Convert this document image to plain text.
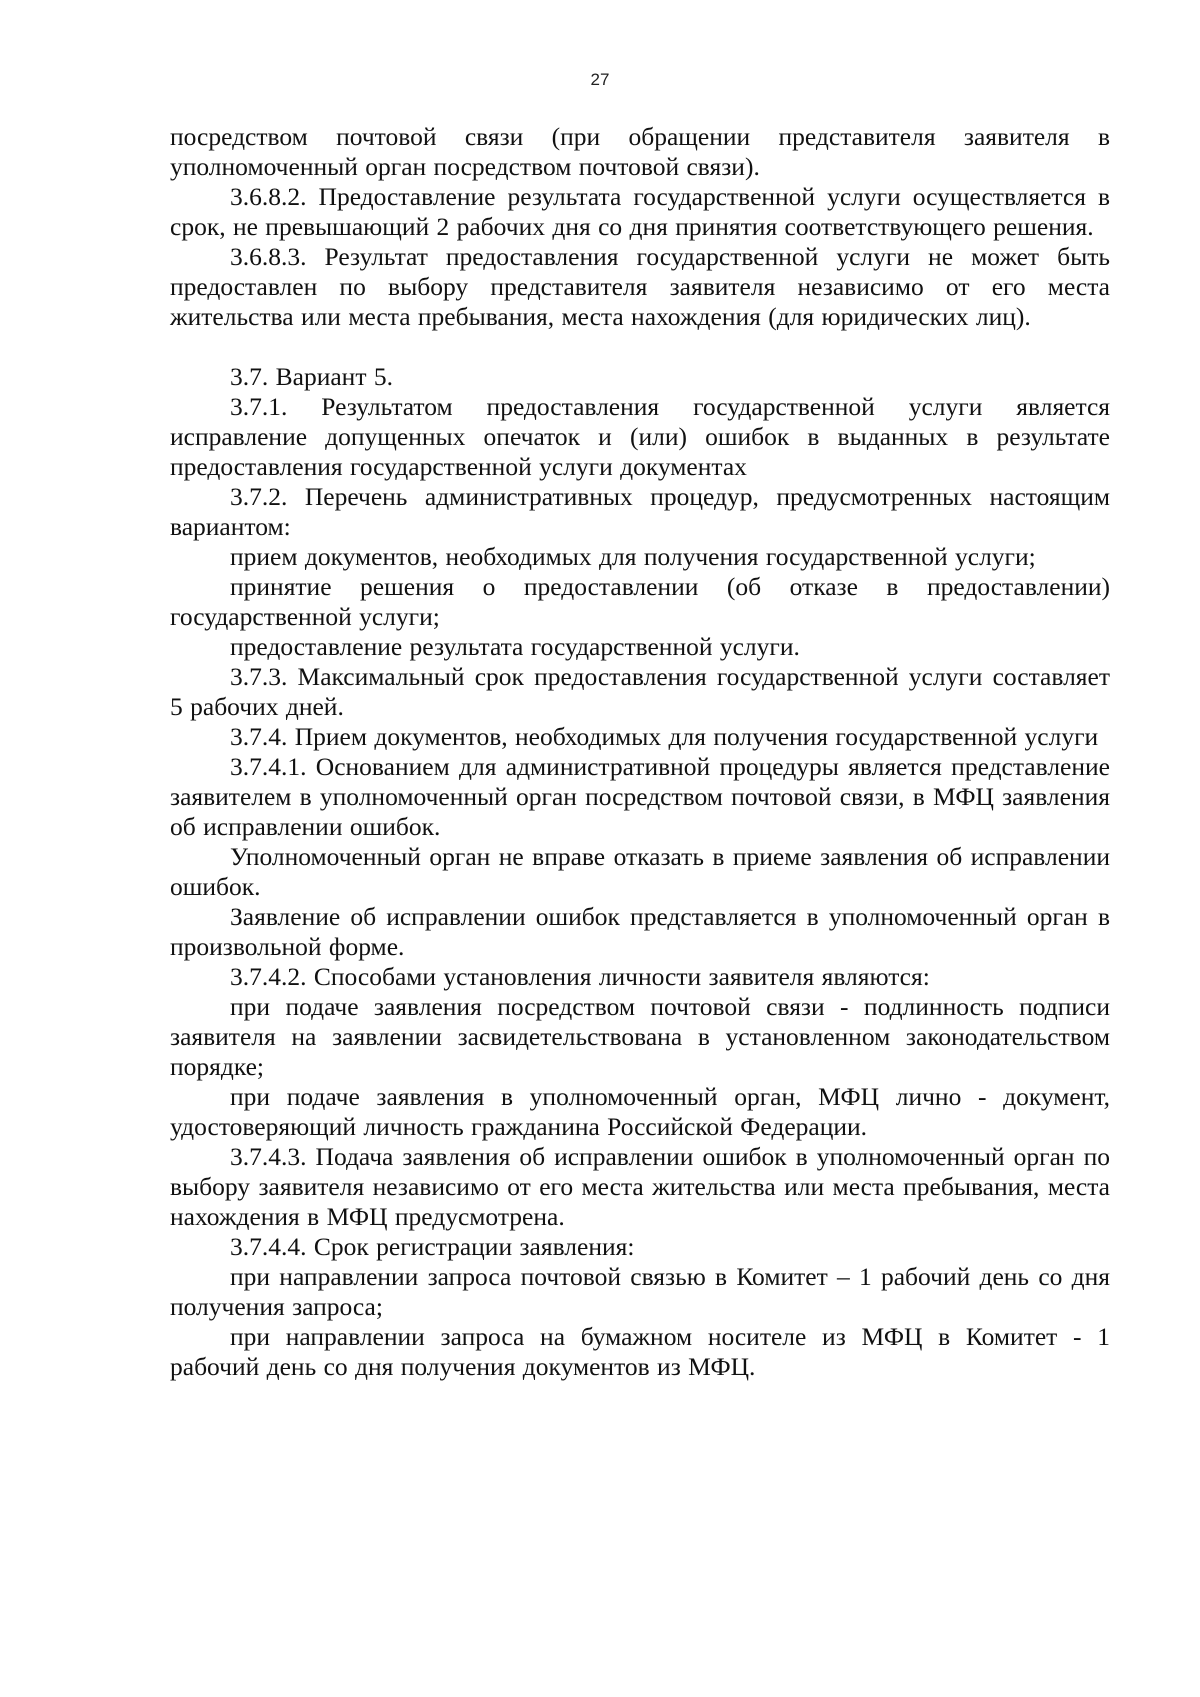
27

посредством почтовой связи (при обращении представителя заявителя в уполномоченный орган посредством почтовой связи).

3.6.8.2. Предоставление результата государственной услуги осуществляется в срок, не превышающий 2 рабочих дня со дня принятия соответствующего решения.

3.6.8.3. Результат предоставления государственной услуги не может быть предоставлен по выбору представителя заявителя независимо от его места жительства или места пребывания, места нахождения (для юридических лиц).

3.7. Вариант 5.

3.7.1. Результатом предоставления государственной услуги является исправление допущенных опечаток и (или) ошибок в выданных в результате предоставления государственной услуги документах

3.7.2. Перечень административных процедур, предусмотренных настоящим вариантом:

прием документов, необходимых для получения государственной услуги;

принятие решения о предоставлении (об отказе в предоставлении) государственной услуги;

предоставление результата государственной услуги.

3.7.3. Максимальный срок предоставления государственной услуги составляет 5 рабочих дней.

3.7.4. Прием документов, необходимых для получения государственной услуги

3.7.4.1. Основанием для административной процедуры является представление заявителем в уполномоченный орган посредством почтовой связи, в МФЦ заявления об исправлении ошибок.

Уполномоченный орган не вправе отказать в приеме заявления об исправлении ошибок.

Заявление об исправлении ошибок представляется в уполномоченный орган в произвольной форме.

3.7.4.2. Способами установления личности заявителя являются:

при подаче заявления посредством почтовой связи - подлинность подписи заявителя на заявлении засвидетельствована в установленном законодательством порядке;

при подаче заявления в уполномоченный орган, МФЦ лично - документ, удостоверяющий личность гражданина Российской Федерации.

3.7.4.3. Подача заявления об исправлении ошибок в уполномоченный орган по выбору заявителя независимо от его места жительства или места пребывания, места нахождения в МФЦ предусмотрена.

3.7.4.4. Срок регистрации заявления:

при направлении запроса почтовой связью в Комитет – 1 рабочий день со дня получения запроса;

при направлении запроса на бумажном носителе из МФЦ в Комитет - 1 рабочий день со дня получения документов из МФЦ.
